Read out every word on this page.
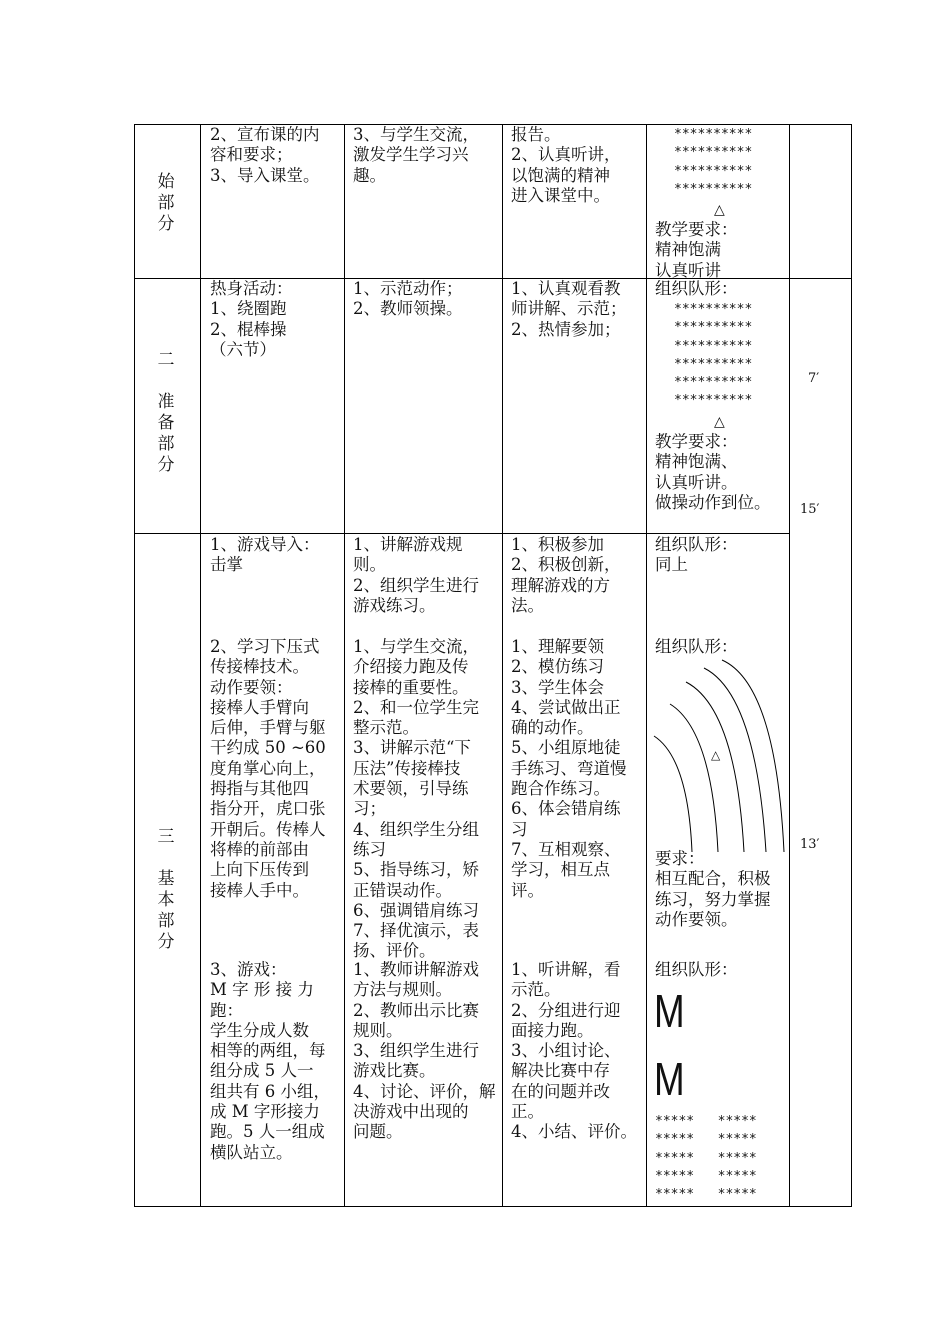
始
部
分
2、宣布课的内
容和要求；
3、导入课堂。
3、与学生交流，
激发学生学习兴
趣。
报告。
2、认真听讲，
以饱满的精神
进入课堂中。
**********
**********
**********
**********
△
教学要求：
精神饱满
认真听讲
二

准
备
部
分
热身活动：
1、绕圈跑
2、棍棒操
（六节）
1、示范动作；
2、教师领操。
1、认真观看教
师讲解、示范；
2、热情参加；
组织队形：
**********
**********
**********
**********
**********
**********
△
教学要求：
精神饱满、
认真听讲。
做操动作到位。
7′
15′
三

基
本
部
分
1、游戏导入：
击掌
1、讲解游戏规
则。
2、组织学生进行
游戏练习。
1、积极参加
2、积极创新，
理解游戏的方
法。
组织队形：
同上
2、学习下压式
传接棒技术。
动作要领：
接棒人手臂向
后伸，手臂与躯
干约成 50 ~60
度角掌心向上，
拇指与其他四
指分开，虎口张
开朝后。传棒人
将棒的前部由
上向下压传到
接棒人手中。
1、与学生交流，
介绍接力跑及传
接棒的重要性。
2、和一位学生完
整示范。
3、讲解示范“下
压法”传接棒技
术要领，引导练
习；
4、组织学生分组
练习
5、指导练习，矫
正错误动作。
6、强调错肩练习
7、择优演示，表
扬、评价。
1、理解要领
2、模仿练习
3、学生体会
4、尝试做出正
确的动作。
5、小组原地徒
手练习、弯道慢
跑合作练习。
6、体会错肩练
习
7、互相观察、
学习，相互点
评。
组织队形：
△
要求：
相互配合，积极
练习，努力掌握
动作要领。
13′
3、游戏：
M 字 形 接 力
跑：
学生分成人数
相等的两组，每
组分成 5 人一
组共有 6 小组，
成 M 字形接力
跑。5 人一组成
横队站立。
1、教师讲解游戏
方法与规则。
2、教师出示比赛
规则。
3、组织学生进行
游戏比赛。
4、讨论、评价，解
决游戏中出现的
问题。
1、听讲解，看
示范。
2、分组进行迎
面接力跑。
3、小组讨论、
解决比赛中存
在的问题并改
正。
4、小结、评价。
组织队形：
M
M
*****   *****
*****   *****
*****   *****
*****   *****
*****   *****
